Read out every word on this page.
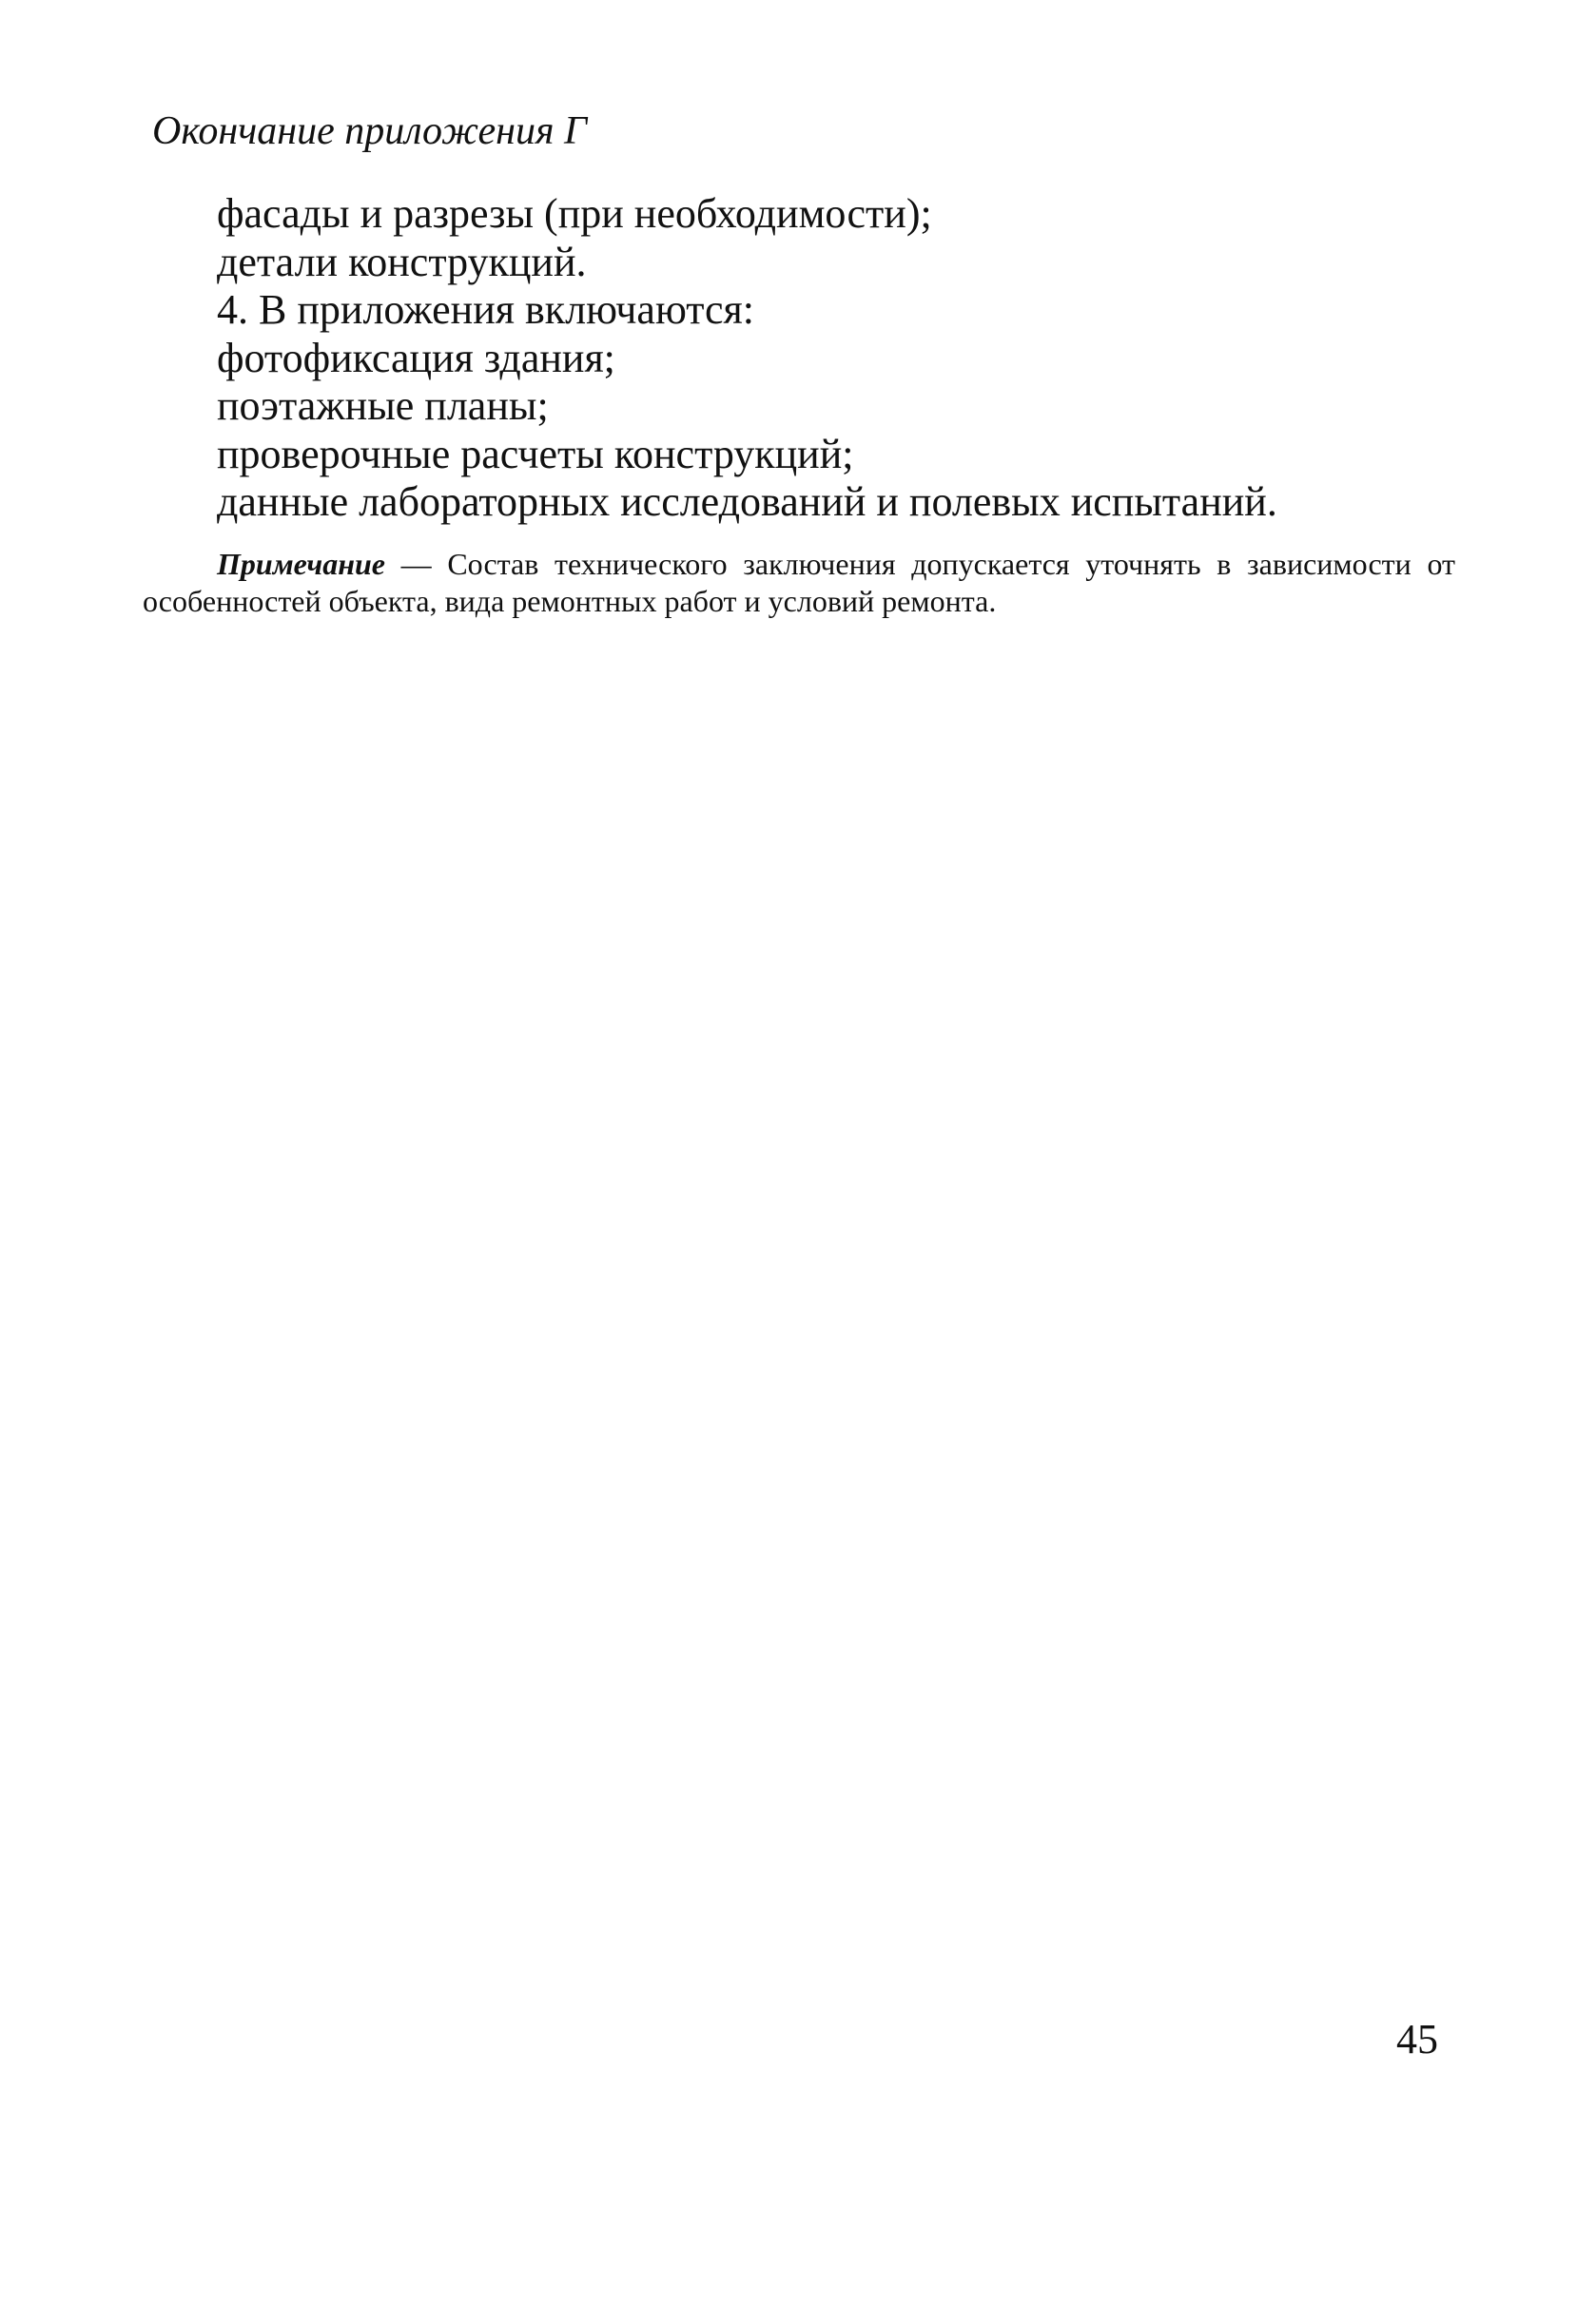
Окончание приложения Г
фасады и разрезы (при необходимости);
детали конструкций.
4. В приложения включаются:
фотофиксация здания;
поэтажные планы;
проверочные расчеты конструкций;
данные лабораторных исследований и полевых испытаний.

Примечание — Состав технического заключения допускается уточнять в зависимости от особенностей объекта, вида ремонтных работ и условий ремонта.

45
